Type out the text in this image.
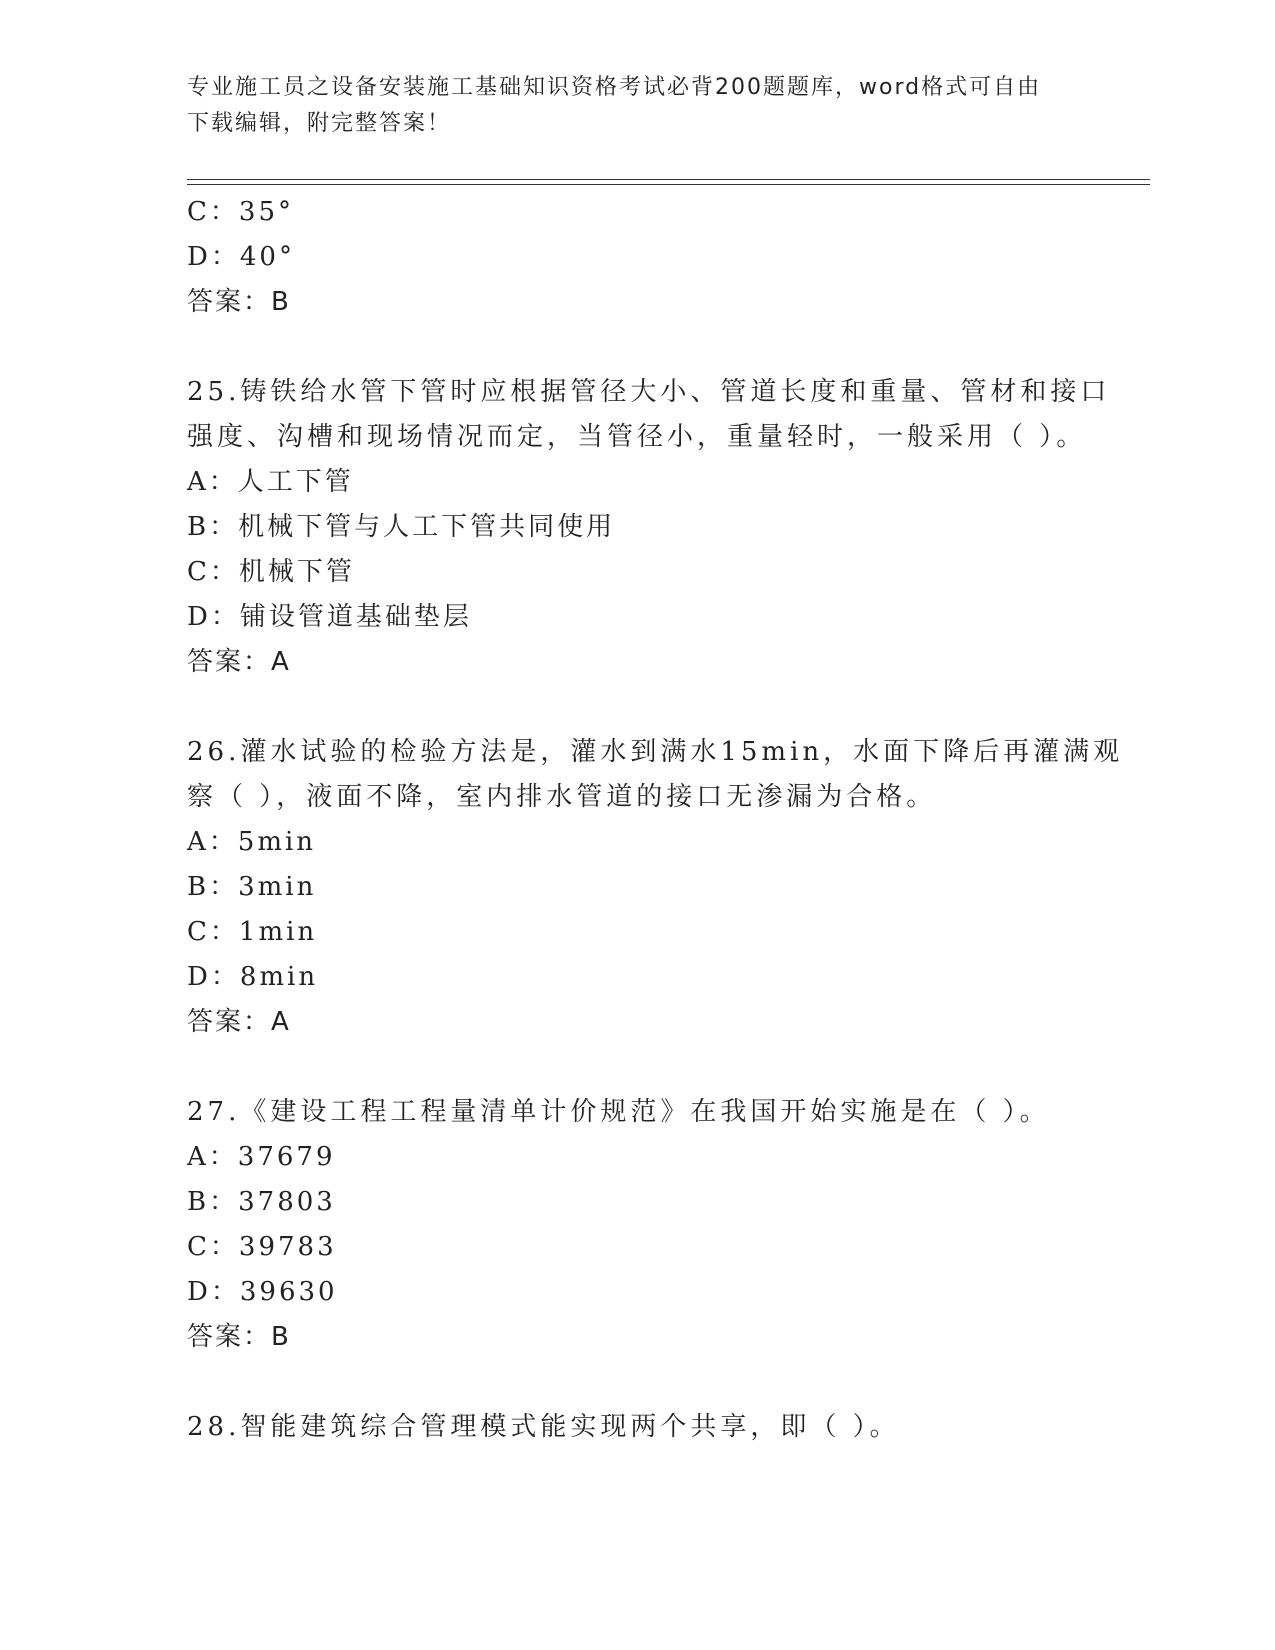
专业施工员之设备安装施工基础知识资格考试必背200题题库，word格式可自由
下载编辑，附完整答案！
C：35°
D：40°
答案：B
25.铸铁给水管下管时应根据管径大小、管道长度和重量、管材和接口
强度、沟槽和现场情况而定，当管径小，重量轻时，一般采用（ ）。
A：人工下管
B：机械下管与人工下管共同使用
C：机械下管
D：铺设管道基础垫层
答案：A
26.灌水试验的检验方法是，灌水到满水15min，水面下降后再灌满观
察（ ），液面不降，室内排水管道的接口无渗漏为合格。
A：5min
B：3min
C：1min
D：8min
答案：A
27.《建设工程工程量清单计价规范》在我国开始实施是在（ ）。
A：37679
B：37803
C：39783
D：39630
答案：B
28.智能建筑综合管理模式能实现两个共享，即（ ）。
